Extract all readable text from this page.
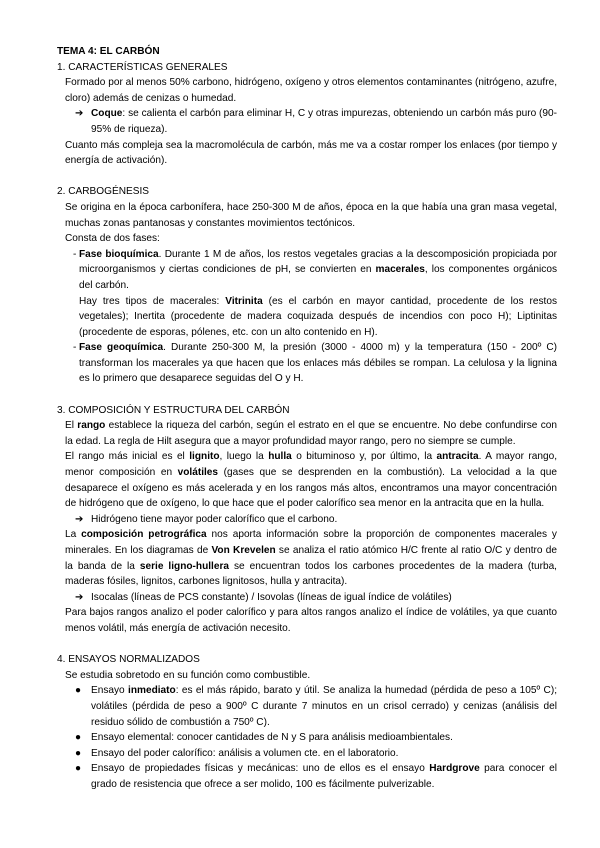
TEMA 4: EL CARBÓN
1. CARACTERÍSTICAS GENERALES
Formado por al menos 50% carbono, hidrógeno, oxígeno y otros elementos contaminantes (nitrógeno, azufre, cloro) además de cenizas o humedad.
➔ Coque: se calienta el carbón para eliminar H, C y otras impurezas, obteniendo un carbón más puro (90-95% de riqueza).
Cuanto más compleja sea la macromolécula de carbón, más me va a costar romper los enlaces (por tiempo y energía de activación).
2. CARBOGÉNESIS
Se origina en la época carbonífera, hace 250-300 M de años, época en la que había una gran masa vegetal, muchas zonas pantanosas y constantes movimientos tectónicos.
Consta de dos fases:
- Fase bioquímica. Durante 1 M de años, los restos vegetales gracias a la descomposición propiciada por microorganismos y ciertas condiciones de pH, se convierten en macerales, los componentes orgánicos del carbón.
Hay tres tipos de macerales: Vitrinita (es el carbón en mayor cantidad, procedente de los restos vegetales); Inertita (procedente de madera coquizada después de incendios con poco H); Liptinitas (procedente de esporas, pólenes, etc. con un alto contenido en H).
- Fase geoquímica. Durante 250-300 M, la presión (3000 - 4000 m) y la temperatura (150 - 200º C) transforman los macerales ya que hacen que los enlaces más débiles se rompan. La celulosa y la lignina es lo primero que desaparece seguidas del O y H.
3. COMPOSICIÓN Y ESTRUCTURA DEL CARBÓN
El rango establece la riqueza del carbón, según el estrato en el que se encuentre. No debe confundirse con la edad. La regla de Hilt asegura que a mayor profundidad mayor rango, pero no siempre se cumple.
El rango más inicial es el lignito, luego la hulla o bituminoso y, por último, la antracita. A mayor rango, menor composición en volátiles (gases que se desprenden en la combustión). La velocidad a la que desaparece el oxígeno es más acelerada y en los rangos más altos, encontramos una mayor concentración de hidrógeno que de oxígeno, lo que hace que el poder calorífico sea menor en la antracita que en la hulla.
➔ Hidrógeno tiene mayor poder calorífico que el carbono.
La composición petrográfica nos aporta información sobre la proporción de componentes macerales y minerales. En los diagramas de Von Krevelen se analiza el ratio atómico H/C frente al ratio O/C y dentro de la banda de la serie ligno-hullera se encuentran todos los carbones procedentes de la madera (turba, maderas fósiles, lignitos, carbones lignitosos, hulla y antracita).
➔ Isocalas (líneas de PCS constante) / Isovolas (líneas de igual índice de volátiles)
Para bajos rangos analizo el poder calorífico y para altos rangos analizo el índice de volátiles, ya que cuanto menos volátil, más energía de activación necesito.
4. ENSAYOS NORMALIZADOS
Se estudia sobretodo en su función como combustible.
● Ensayo inmediato: es el más rápido, barato y útil. Se analiza la humedad (pérdida de peso a 105º C); volátiles (pérdida de peso a 900º C durante 7 minutos en un crisol cerrado) y cenizas (análisis del residuo sólido de combustión a 750º C).
● Ensayo elemental: conocer cantidades de N y S para análisis medioambientales.
● Ensayo del poder calorífico: análisis a volumen cte. en el laboratorio.
● Ensayo de propiedades físicas y mecánicas: uno de ellos es el ensayo Hardgrove para conocer el grado de resistencia que ofrece a ser molido, 100 es fácilmente pulverizable.
